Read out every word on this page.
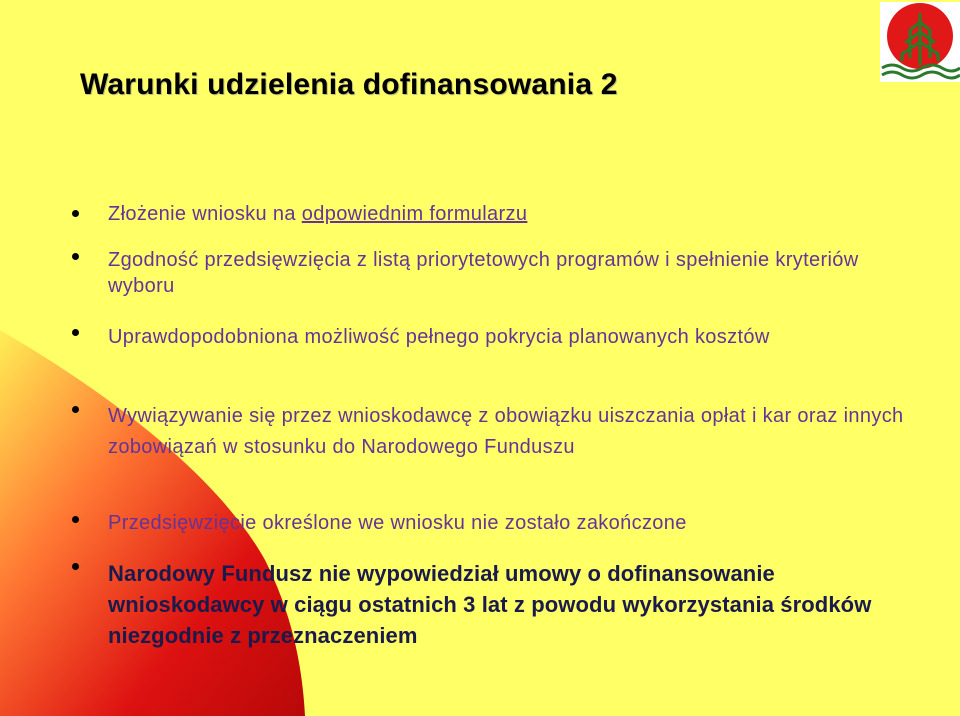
Warunki udzielenia dofinansowania 2
Złożenie wniosku na odpowiednim formularzu
Zgodność przedsięwzięcia z listą priorytetowych programów i spełnienie kryteriów wyboru
Uprawdopodobniona możliwość pełnego pokrycia planowanych kosztów
Wywiązywanie się przez wnioskodawcę z obowiązku uiszczania opłat i kar oraz innych zobowiązań w stosunku do Narodowego Funduszu
Przedsięwzięcie określone we wniosku nie zostało zakończone
Narodowy Fundusz nie wypowiedział umowy o dofinansowanie wnioskodawcy w ciągu ostatnich 3 lat z powodu wykorzystania środków niezgodnie z przeznaczeniem
